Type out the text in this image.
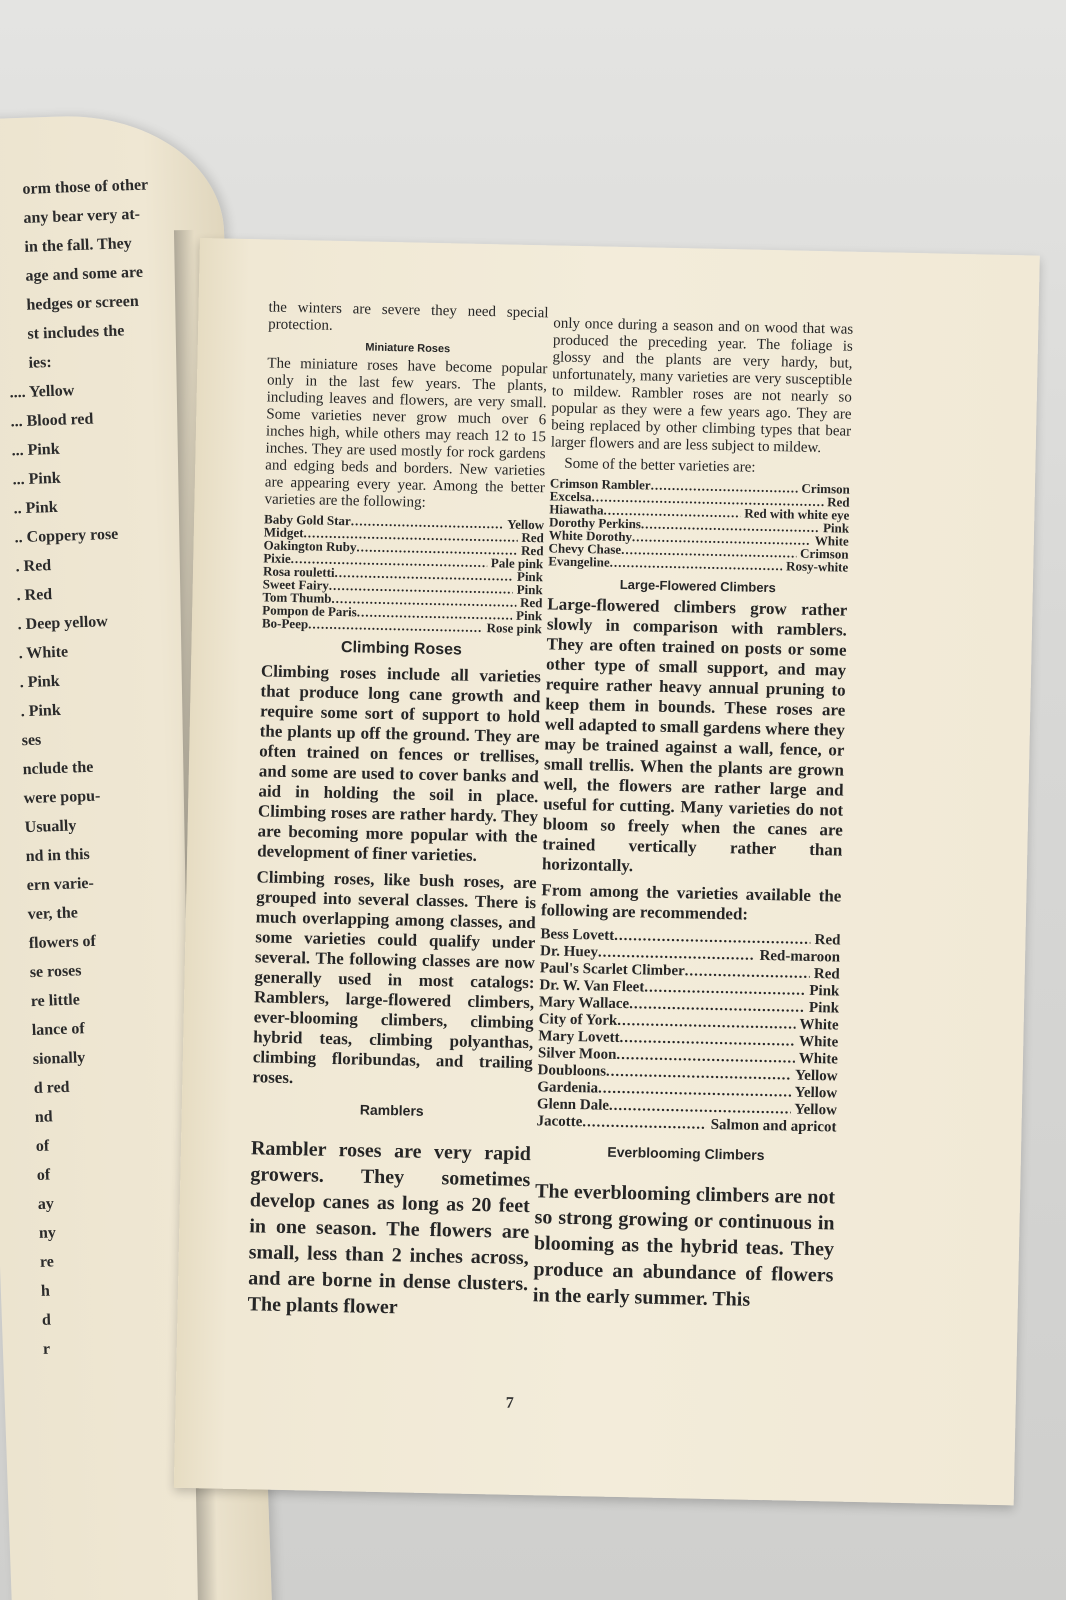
orm those of other
any bear very at-
in the fall. They
age and some are
hedges or screen
st includes the
ies:
.... Yellow
... Blood red
... Pink
... Pink
.. Pink
.. Coppery rose
. Red
. Red
. Deep yellow
. White
. Pink
. Pink
ses
nclude the
were popu-
Usually
nd in this
ern varie-
ver, the
flowers of
se roses
re little
lance of
sionally
d red
nd
of
of
ay
ny
re
h
d
r

the winters are severe they need special protection.

Miniature Roses

The miniature roses have become popular only in the last few years. The plants, including leaves and flowers, are very small. Some varieties never grow much over 6 inches high, while others may reach 12 to 15 inches. They are used mostly for rock gardens and edging beds and borders. New varieties are appearing every year. Among the better varieties are the following:

Baby Gold Star .....	Yellow
Midget .....	Red
Oakington Ruby .....	Red
Pixie .....	Pale pink
Rosa rouletti .....	Pink
Sweet Fairy .....	Pink
Tom Thumb .....	Red
Pompon de Paris .....	Pink
Bo-Peep .....	Rose pink
Climbing Roses

Climbing roses include all varieties that produce long cane growth and require some sort of support to hold the plants up off the ground. They are often trained on fences or trellises, and some are used to cover banks and aid in holding the soil in place. Climbing roses are rather hardy. They are becoming more popular with the development of finer varieties.

Climbing roses, like bush roses, are grouped into several classes. There is much overlapping among classes, and some varieties could qualify under several. The following classes are now generally used in most catalogs: Ramblers, large-flowered climbers, ever-blooming climbers, climbing hybrid teas, climbing polyanthas, climbing floribundas, and trailing roses.

Ramblers

Rambler roses are very rapid growers. They sometimes develop canes as long as 20 feet in one season. The flowers are small, less than 2 inches across, and are borne in dense clusters. The plants flower

only once during a season and on wood that was produced the preceding year. The foliage is glossy and the plants are very hardy, but, unfortunately, many varieties are very susceptible to mildew. Rambler roses are not nearly so popular as they were a few years ago. They are being replaced by other climbing types that bear larger flowers and are less subject to mildew.

Some of the better varieties are:

Crimson Rambler .....	Crimson
Excelsa .....	Red
Hiawatha .....	Red with white eye
Dorothy Perkins .....	Pink
White Dorothy .....	White
Chevy Chase .....	Crimson
Evangeline .....	Rosy-white
Large-Flowered Climbers

Large-flowered climbers grow rather slowly in comparison with ramblers. They are often trained on posts or some other type of small support, and may require rather heavy annual pruning to keep them in bounds. These roses are well adapted to small gardens where they may be trained against a wall, fence, or small trellis. When the plants are grown well, the flowers are rather large and useful for cutting. Many varieties do not bloom so freely when the canes are trained vertically rather than horizontally.

From among the varieties available the following are recommended:

Bess Lovett .....	Red
Dr. Huey .....	Red-maroon
Paul's Scarlet Climber .....	Red
Dr. W. Van Fleet .....	Pink
Mary Wallace .....	Pink
City of York .....	White
Mary Lovett .....	White
Silver Moon .....	White
Doubloons .....	Yellow
Gardenia .....	Yellow
Glenn Dale .....	Yellow
Jacotte .....	Salmon and apricot
Everblooming Climbers

The everblooming climbers are not so strong growing or continuous in blooming as the hybrid teas. They produce an abundance of flowers in the early summer. This

7
